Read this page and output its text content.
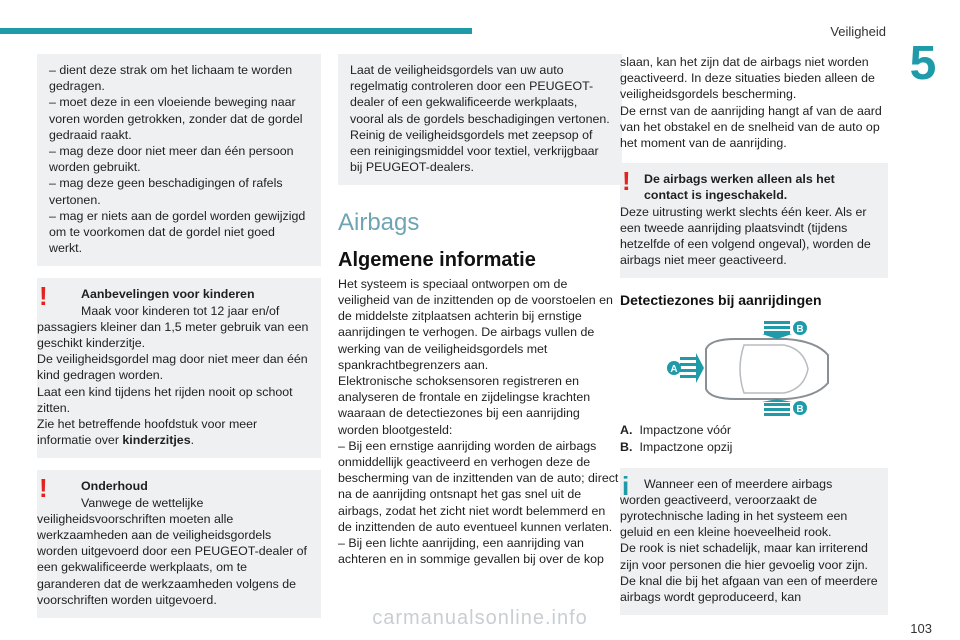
Veiligheid
5

– dient deze strak om het lichaam te worden gedragen.

– moet deze in een vloeiende beweging naar voren worden getrokken, zonder dat de gordel gedraaid raakt.

– mag deze door niet meer dan één persoon worden gebruikt.

– mag deze geen beschadigingen of rafels vertonen.

– mag er niets aan de gordel worden gewijzigd om te voorkomen dat de gordel niet goed werkt.

!	Aanbevelingen voor kinderen

Maak voor kinderen tot 12 jaar en/of

passagiers kleiner dan 1,5 meter gebruik van een geschikt kinderzitje.

De veiligheidsgordel mag door niet meer dan één kind gedragen worden.

Laat een kind tijdens het rijden nooit op schoot zitten.

Zie het betreffende hoofdstuk voor meer informatie over kinderzitjes.

!	Onderhoud

Vanwege de wettelijke

veiligheidsvoorschriften moeten alle werkzaamheden aan de veiligheidsgordels worden uitgevoerd door een PEUGEOT-dealer of een gekwalificeerde werkplaats, om te garanderen dat de werkzaamheden volgens de voorschriften worden uitgevoerd.

Laat de veiligheidsgordels van uw auto regelmatig controleren door een PEUGEOT-dealer of een gekwalificeerde werkplaats, vooral als de gordels beschadigingen vertonen.

Reinig de veiligheidsgordels met zeepsop of een reinigingsmiddel voor textiel, verkrijgbaar bij PEUGEOT-dealers.

Airbags
Algemene informatie

Het systeem is speciaal ontworpen om de veiligheid van de inzittenden op de voorstoelen en de middelste zitplaatsen achterin bij ernstige aanrijdingen te verhogen. De airbags vullen de werking van de veiligheidsgordels met spankrachtbegrenzers aan.

Elektronische schoksensoren registreren en analyseren de frontale en zijdelingse krachten waaraan de detectiezones bij een aanrijding worden blootgesteld:

– Bij een ernstige aanrijding worden de airbags onmiddellijk geactiveerd en verhogen deze de bescherming van de inzittenden van de auto; direct na de aanrijding ontsnapt het gas snel uit de airbags, zodat het zicht niet wordt belemmerd en de inzittenden de auto eventueel kunnen verlaten.

– Bij een lichte aanrijding, een aanrijding van achteren en in sommige gevallen bij over de kop

slaan, kan het zijn dat de airbags niet worden geactiveerd. In deze situaties bieden alleen de veiligheidsgordels bescherming.

De ernst van de aanrijding hangt af van de aard van het obstakel en de snelheid van de auto op het moment van de aanrijding.

!	De airbags werken alleen als het contact is ingeschakeld.

Deze uitrusting werkt slechts één keer. Als er een tweede aanrijding plaatsvindt (tijdens hetzelfde of een volgend ongeval), worden de airbags niet meer geactiveerd.

Detectiezones bij aanrijdingen
A
B
B
A. Impactzone vóór
B. Impactzone opzij
i	Wanneer een of meerdere airbags

worden geactiveerd, veroorzaakt de pyrotechnische lading in het systeem een geluid en een kleine hoeveelheid rook.

De rook is niet schadelijk, maar kan irriterend zijn voor personen die hier gevoelig voor zijn.

De knal die bij het afgaan van een of meerdere airbags wordt geproduceerd, kan

carmanualsonline.info	103
